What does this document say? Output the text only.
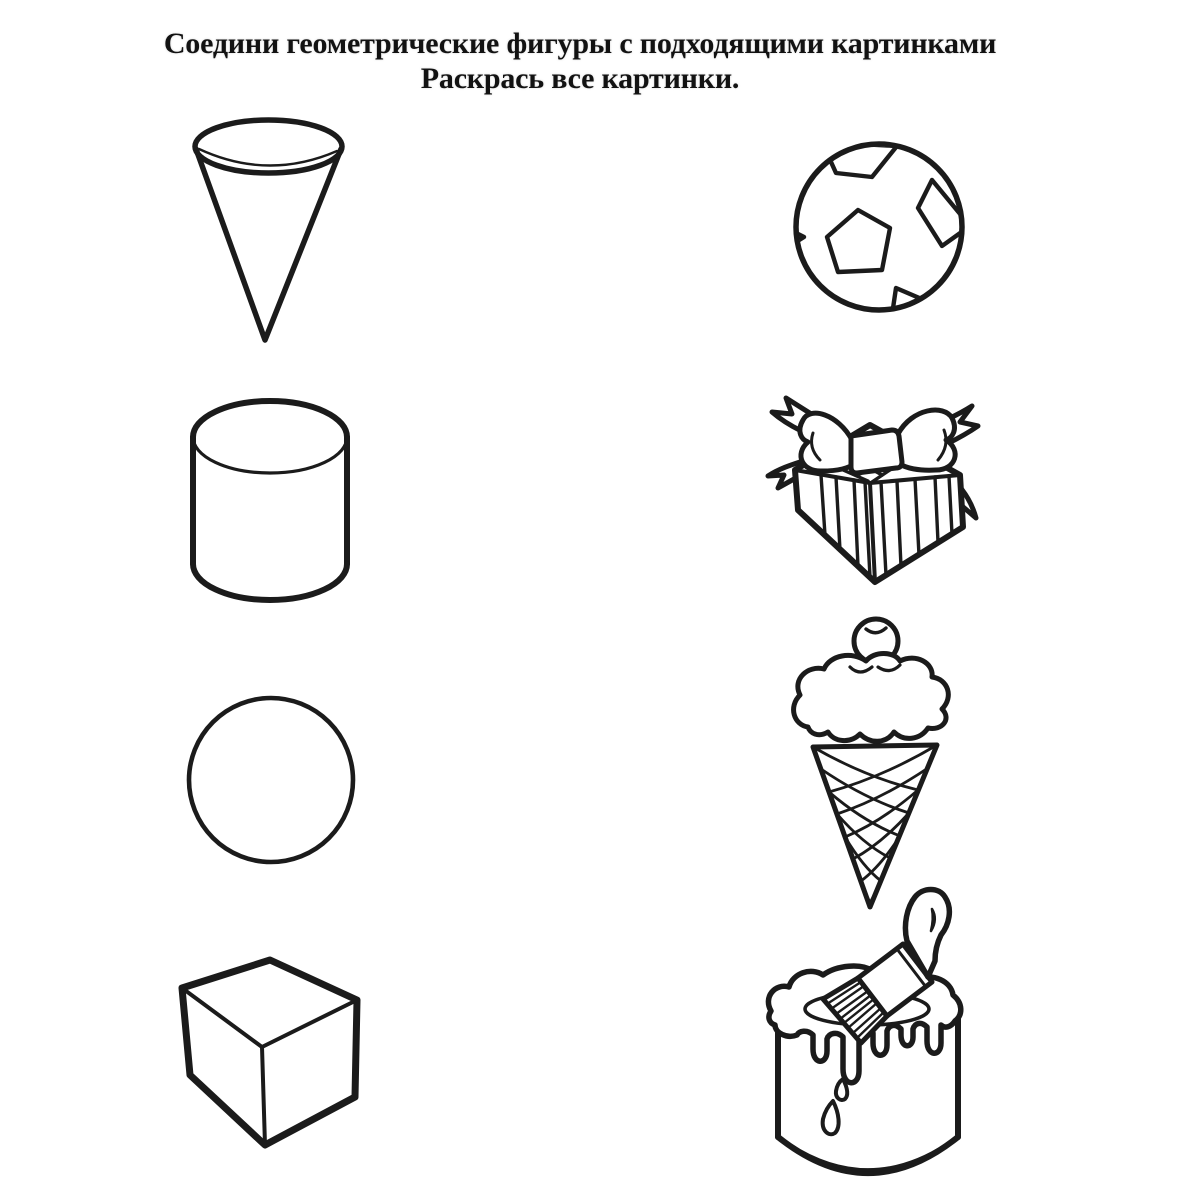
Соедини геометрические фигуры с подходящими картинками
Раскрась все картинки.
